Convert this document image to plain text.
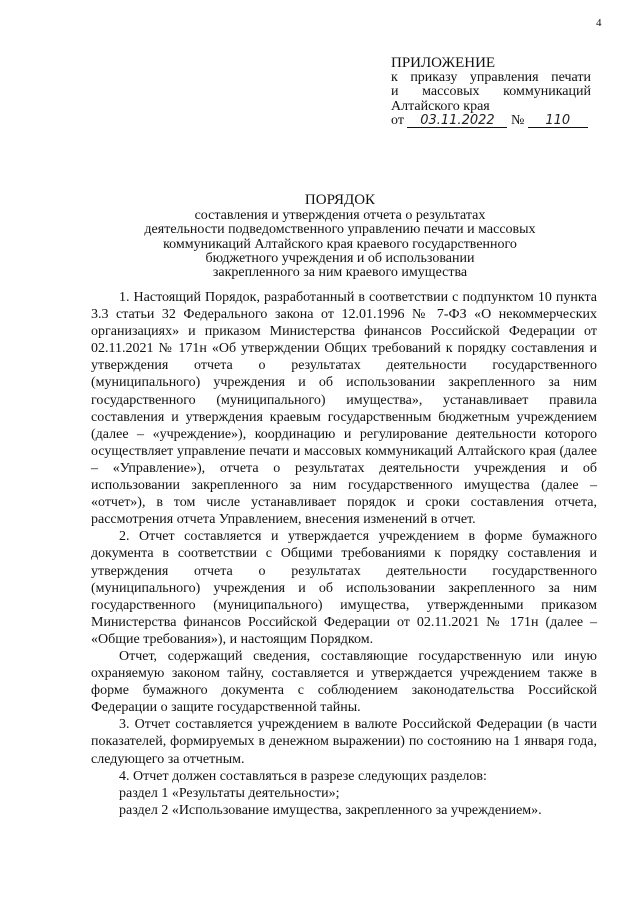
4
ПРИЛОЖЕНИЕ
к приказу управления печати
и массовых коммуникаций
Алтайского края
от 03.11.2022 № 110
ПОРЯДОК
составления и утверждения отчета о результатах
деятельности подведомственного управлению печати и массовых
коммуникаций Алтайского края краевого государственного
бюджетного учреждения и об использовании
закрепленного за ним краевого имущества

1. Настоящий Порядок, разработанный в соответствии с подпунктом 10 пункта 3.3 статьи 32 Федерального закона от 12.01.1996 № 7-ФЗ «О некоммерческих организациях» и приказом Министерства финансов Российской Федерации от 02.11.2021 № 171н «Об утверждении Общих требований к порядку составления и утверждения отчета о результатах деятельности государственного (муниципального) учреждения и об использовании закрепленного за ним государственного (муниципального) имущества», устанавливает правила составления и утверждения краевым государственным бюджетным учреждением (далее – «учреждение»), координацию и регулирование деятельности которого осуществляет управление печати и массовых коммуникаций Алтайского края (далее – «Управление»), отчета о результатах деятельности учреждения и об использовании закрепленного за ним государственного имущества (далее – «отчет»), в том числе устанавливает порядок и сроки составления отчета, рассмотрения отчета Управлением, внесения изменений в отчет.

2. Отчет составляется и утверждается учреждением в форме бумажного документа в соответствии с Общими требованиями к порядку составления и утверждения отчета о результатах деятельности государственного (муниципального) учреждения и об использовании закрепленного за ним государственного (муниципального) имущества, утвержденными приказом Министерства финансов Российской Федерации от 02.11.2021 № 171н (далее – «Общие требования»), и настоящим Порядком.

Отчет, содержащий сведения, составляющие государственную или иную охраняемую законом тайну, составляется и утверждается учреждением также в форме бумажного документа с соблюдением законодательства Российской Федерации о защите государственной тайны.

3. Отчет составляется учреждением в валюте Российской Федерации (в части показателей, формируемых в денежном выражении) по состоянию на 1 января года, следующего за отчетным.

4. Отчет должен составляться в разрезе следующих разделов:

раздел 1 «Результаты деятельности»;

раздел 2 «Использование имущества, закрепленного за учреждением».
